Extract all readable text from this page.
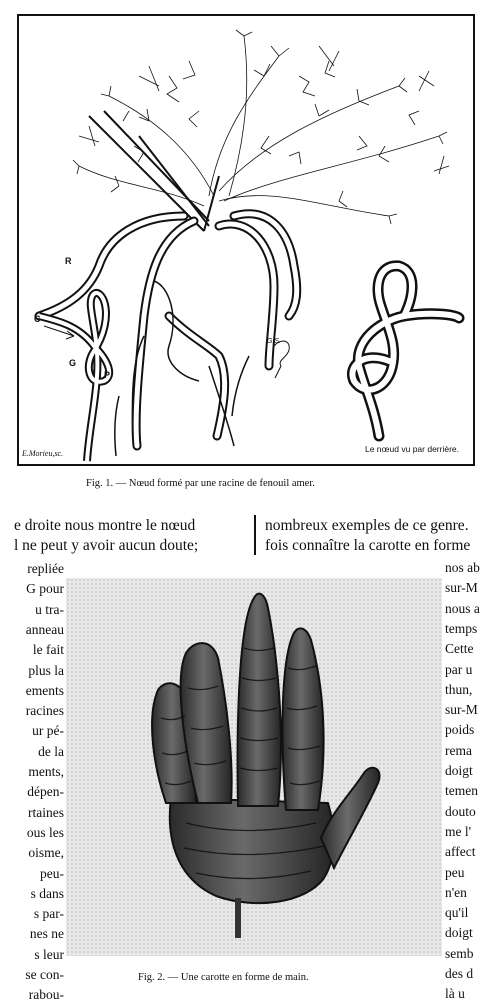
R
C
G
P
G.S.
E.Morieu,sc.	Le nœud vu par derrière.
Fig. 1. — Nœud formé par une racine de fenouil amer.
e droite nous montre le nœud
l ne peut y avoir aucun doute;
nombreux exemples de ce genre.
fois connaître la carotte en forme
repliée
G pour
u tra-
anneau
le fait
plus la
ements
racines
ur pé-
de la
ments,
dépen-
rtaines
ous les
oisme,
peu-
s dans
s par-
nes ne
s leur
se con-
rabou-
nos ab
sur-M
nous a
temps
Cette
par u
thun,
sur-M
poids
rema
doigt
temen
douto
me l'
affect
peu
n'en
qu'il
doigt
semb
des d
là u
Fig. 2. — Une carotte en forme de main.
